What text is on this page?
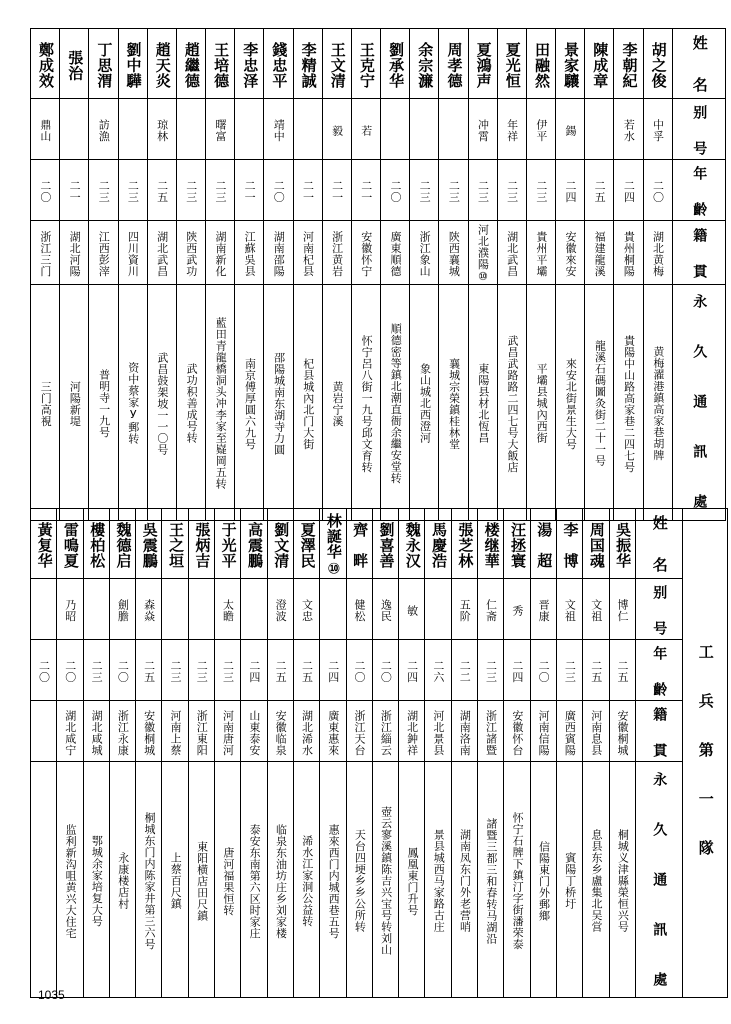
鄭成效	張治	丁思渭	劉中驊	趙天炎	趙繼德	王培德	李忠泽	錢忠平	李精誠	王文清	王克宁	劉承华	余宗濂	周孝德	夏鴻声	夏光恒	田融然	景家驤	陳成章	李朝紀	胡之俊	姓　名

鼎山		訪漁		琼林		曙富		靖中		毅	若				冲霄	年祥	伊平	鍚		若水	中孚	别　号

二〇	二一	二三	二三	二五	二三	二三	二一	二〇	二一	二一	二一	二〇	二三	二三	二三	二三	二三	二四	二五	二四	二〇	年　齡

浙江三门	湖北河陽	江西彭滓	四川資川	湖北武昌	陝西武功	湖南新化	江蘇吳县	湖南邵陽	河南杞县	浙江黄岩	安徽怀宁	廣東順德	浙江象山	陝西襄城	河北濮陽⑩	湖北武昌	貴州平壩	安徽來安	福建龍溪	貴州桐陽	湖北黄梅	籍　貫

三门高視	河陽新堤	普明寺一九号	资中蔡家У郵转	武昌鼓架坡一一〇号	武功积善成号转	藍田青龍橋洞头冲李家至嶷岡五转	南京傅厚圓六九号	邵陽城南东湖寺力圓	杞县城內北门大街	黄岩宁溪	怀宁呂八街一九号邱文育转	順德密等鎮北潮直衙余繼安堂转	象山城北西澄河	襄城宗榮鎮桂林堂	東陽县材北恆昌	武昌武路路二四七号大飯店	平壩县城內西街	來安北街景生大号	龍溪石碼圖灸街二十一号	貴陽中山路高家巷二四七号	黄梅濯港鎮高家巷胡牌	永 久 通 訊 處
黃复华	雷鳴夏	樓柏松	魏德启	吳震鵬	王之垣	張炳吉	于光平	高震鵬	劉文清	夏澤民	林誕华⑩	齊　畔	劉喜善	魏永汉	馬慶浩	張芝林	楼继華	汪拯寰	湯　超	李　博	周国魂	吳振华	姓　名	工 兵 第 一 隊

	乃昭		劍膽	森焱			太瞻		澄波	文忠		健松	逸民	敏		五阶	仁斋	秀	晋康	文祖	文祖	博仁	别　号	

二〇	二〇	二三	二〇	二五	二三	二三	二三	二四	二五	二五	二四	二〇	二〇	二四	二六	二二	二三	二四	二〇	二三	二五	二五	年　齡	

	湖北咸宁	湖北咸城	浙江永康	安徽桐城	河南上蔡	浙江東阳	河南唐河	山東泰安	安徽临泉	湖北浠水	廣東惠來	浙江天台	浙江緇云	湖北鈡祥	河北景县	湖南洛南	浙江諸暨	安徽怀台	河南信陽	廣西賓陽	河南息县	安徽桐城	籍　貫	

	监利新沟咀黄兴大住宅	鄂城余家培复大号	永康楼店村	桐城东门内陈家井第三六号	上蔡百尺鎮	東阳横店田尺鎮	唐河福果恒转	泰安东南第六区时家庄	临泉东油坊庄乡刘家楼	浠水江家洞公益转	惠來西门内城西巷五号	天台四埂乡乡公所转	壺云寥溪鎮陈吉兴宝号转刘山	鳳凰東门升号	景县城西马家路古庄	湖南凤东门外老营哨	諸暨三都三和春转马湖沿	怀宁石牌下鎮汀字街潘荣泰	信陽東门外郵鄉	賓陽丁桥圩	息县东乡盧集北吴営	桐城义津縣榮恒兴号	永 久 通 訊 處	
1035
